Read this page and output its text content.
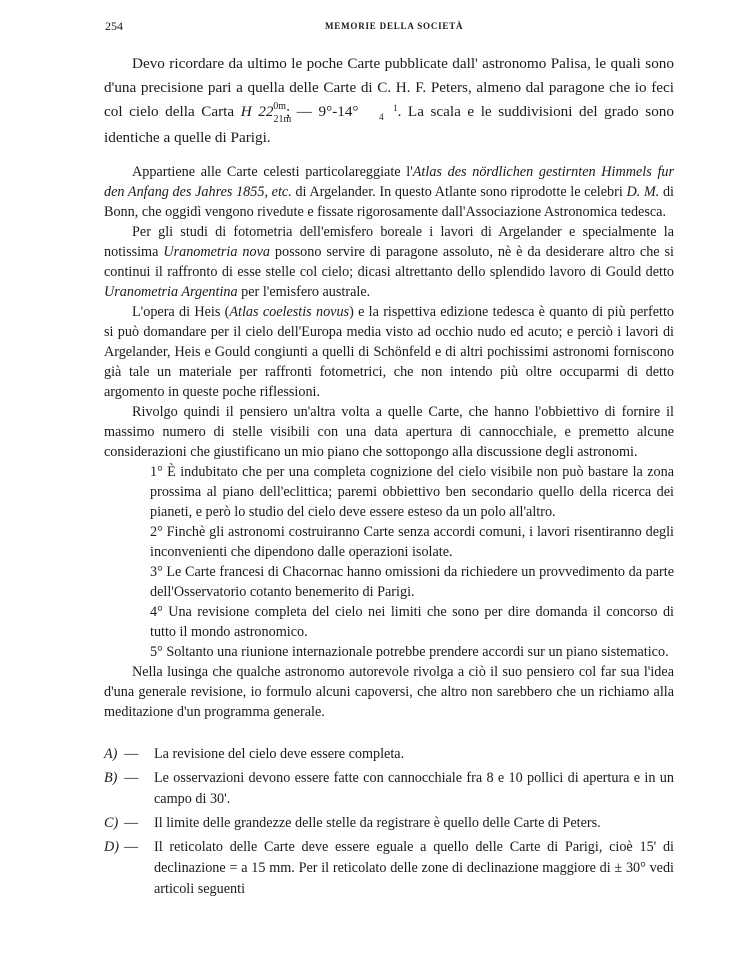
254	MEMORIE DELLA SOCIETÀ

Devo ricordare da ultimo le poche Carte pubblicate dall' astronomo Palisa, le quali sono d'una precisione pari a quella delle Carte di C. H. F. Peters, almeno dal paragone che io feci col cielo della Carta H $22_{21m}^{0m}$; — 9°-14°	1
4 . La scala e le suddivisioni del grado sono identiche a quelle di Parigi.

Appartiene alle Carte celesti particolareggiate l'Atlas des nördlichen gestirnten Himmels fur den Anfang des Jahres 1855, etc. di Argelander. In questo Atlante sono riprodotte le celebri D. M. di Bonn, che oggidì vengono rivedute e fissate rigorosamente dall'Associazione Astronomica tedesca.

Per gli studi di fotometria dell'emisfero boreale i lavori di Argelander e specialmente la notissima Uranometria nova possono servire di paragone assoluto, nè è da desiderare altro che si continui il raffronto di esse stelle col cielo; dicasi altrettanto dello splendido lavoro di Gould detto Uranometria Argentina per l'emisfero australe.

L'opera di Heis (Atlas coelestis novus) e la rispettiva edizione tedesca è quanto di più perfetto si può domandare per il cielo dell'Europa media visto ad occhio nudo ed acuto; e perciò i lavori di Argelander, Heis e Gould congiunti a quelli di Schönfeld e di altri pochissimi astronomi forniscono già tale un materiale per raffronti fotometrici, che non intendo più oltre occuparmi di detto argomento in queste poche riflessioni.

Rivolgo quindi il pensiero un'altra volta a quelle Carte, che hanno l'obbiettivo di fornire il massimo numero di stelle visibili con una data apertura di cannocchiale, e premetto alcune considerazioni che giustificano un mio piano che sottopongo alla discussione degli astronomi.

1° È indubitato che per una completa cognizione del cielo visibile non può bastare la zona prossima al piano dell'eclittica; paremi obbiettivo ben secondario quello della ricerca dei pianeti, e però lo studio del cielo deve essere esteso da un polo all'altro.

2° Finchè gli astronomi costruiranno Carte senza accordi comuni, i lavori risentiranno degli inconvenienti che dipendono dalle operazioni isolate.

3° Le Carte francesi di Chacornac hanno omissioni da richiedere un provvedimento da parte dell'Osservatorio cotanto benemerito di Parigi.

4° Una revisione completa del cielo nei limiti che sono per dire domanda il concorso di tutto il mondo astronomico.

5° Soltanto una riunione internazionale potrebbe prendere accordi sur un piano sistematico.

Nella lusinga che qualche astronomo autorevole rivolga a ciò il suo pensiero col far sua l'idea d'una generale revisione, io formulo alcuni capoversi, che altro non sarebbero che un richiamo alla meditazione d'un programma generale.

A) —	La revisione del cielo deve essere completa.
B) —	Le osservazioni devono essere fatte con cannocchiale fra 8 e 10 pollici di apertura e in un campo di 30'.
C) —	Il limite delle grandezze delle stelle da registrare è quello delle Carte di Peters.
D) —	Il reticolato delle Carte deve essere eguale a quello delle Carte di Parigi, cioè 15' di declinazione = a 15 mm. Per il reticolato delle zone di declinazione maggiore di ± 30° vedi articoli seguenti
